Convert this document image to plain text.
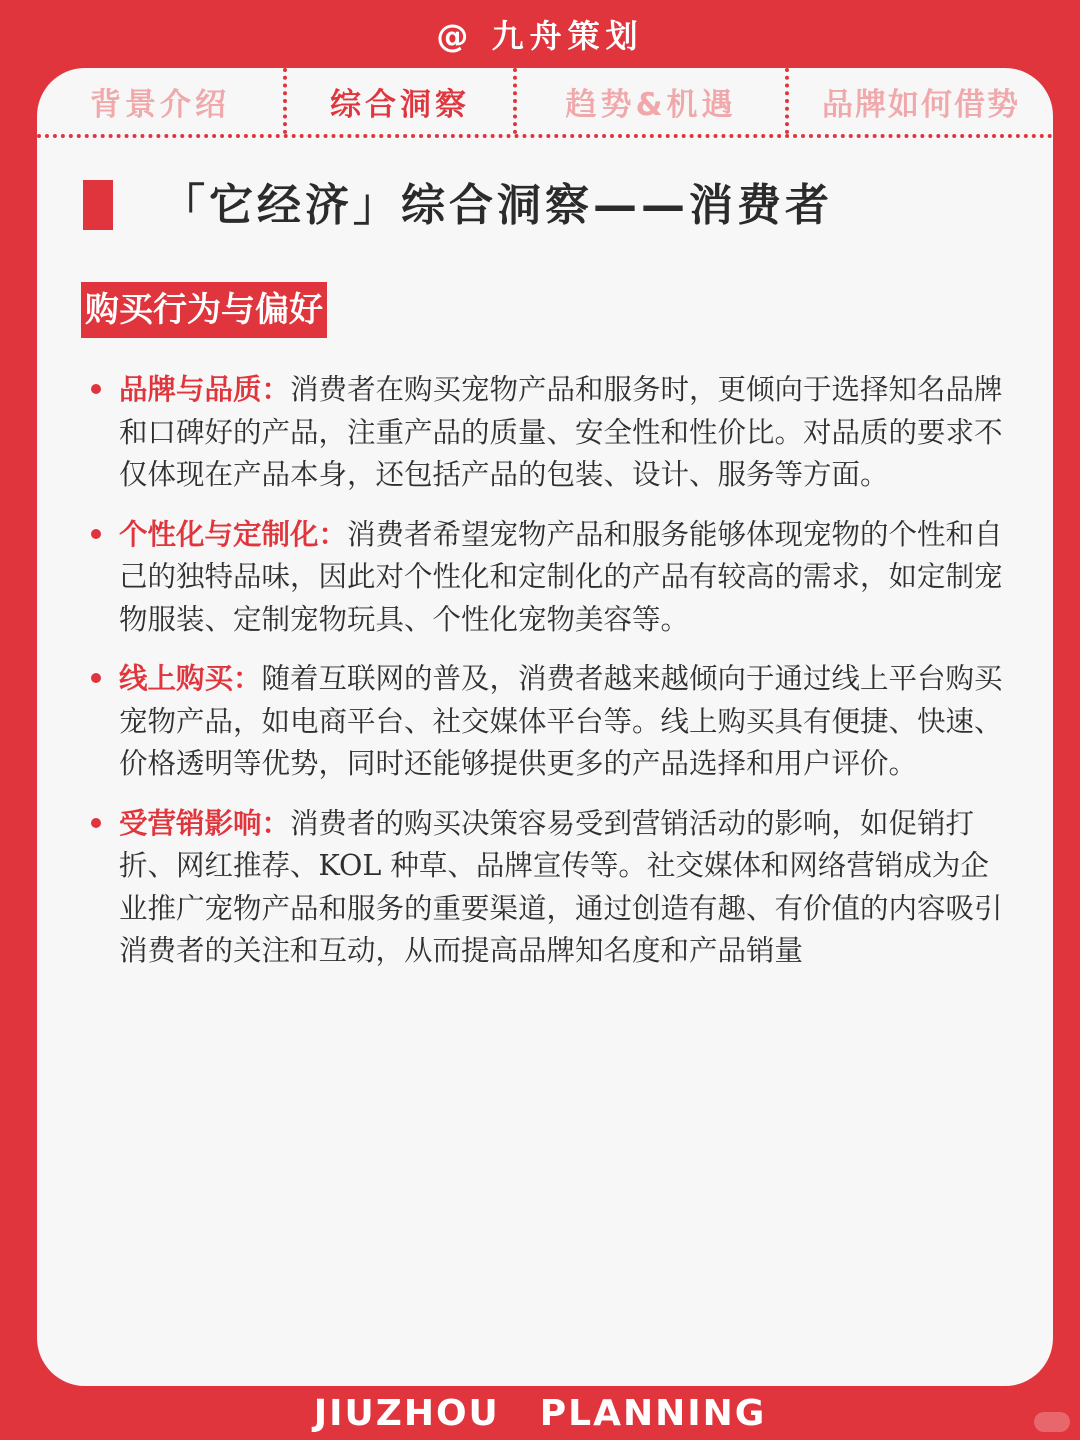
@ 九舟策划
背景介绍	综合洞察	趋势&机遇	品牌如何借势
「它经济」综合洞察——消费者
购买行为与偏好
品牌与品质：消费者在购买宠物产品和服务时，更倾向于选择知名品牌和口碑好的产品，注重产品的质量、安全性和性价比。对品质的要求不仅体现在产品本身，还包括产品的包装、设计、服务等方面。
个性化与定制化：消费者希望宠物产品和服务能够体现宠物的个性和自己的独特品味，因此对个性化和定制化的产品有较高的需求，如定制宠物服装、定制宠物玩具、个性化宠物美容等。
线上购买：随着互联网的普及，消费者越来越倾向于通过线上平台购买宠物产品，如电商平台、社交媒体平台等。线上购买具有便捷、快速、价格透明等优势，同时还能够提供更多的产品选择和用户评价。
受营销影响：消费者的购买决策容易受到营销活动的影响，如促销打折、网红推荐、KOL 种草、品牌宣传等。社交媒体和网络营销成为企业推广宠物产品和服务的重要渠道，通过创造有趣、有价值的内容吸引消费者的关注和互动，从而提高品牌知名度和产品销量
JIUZHOU PLANNING
